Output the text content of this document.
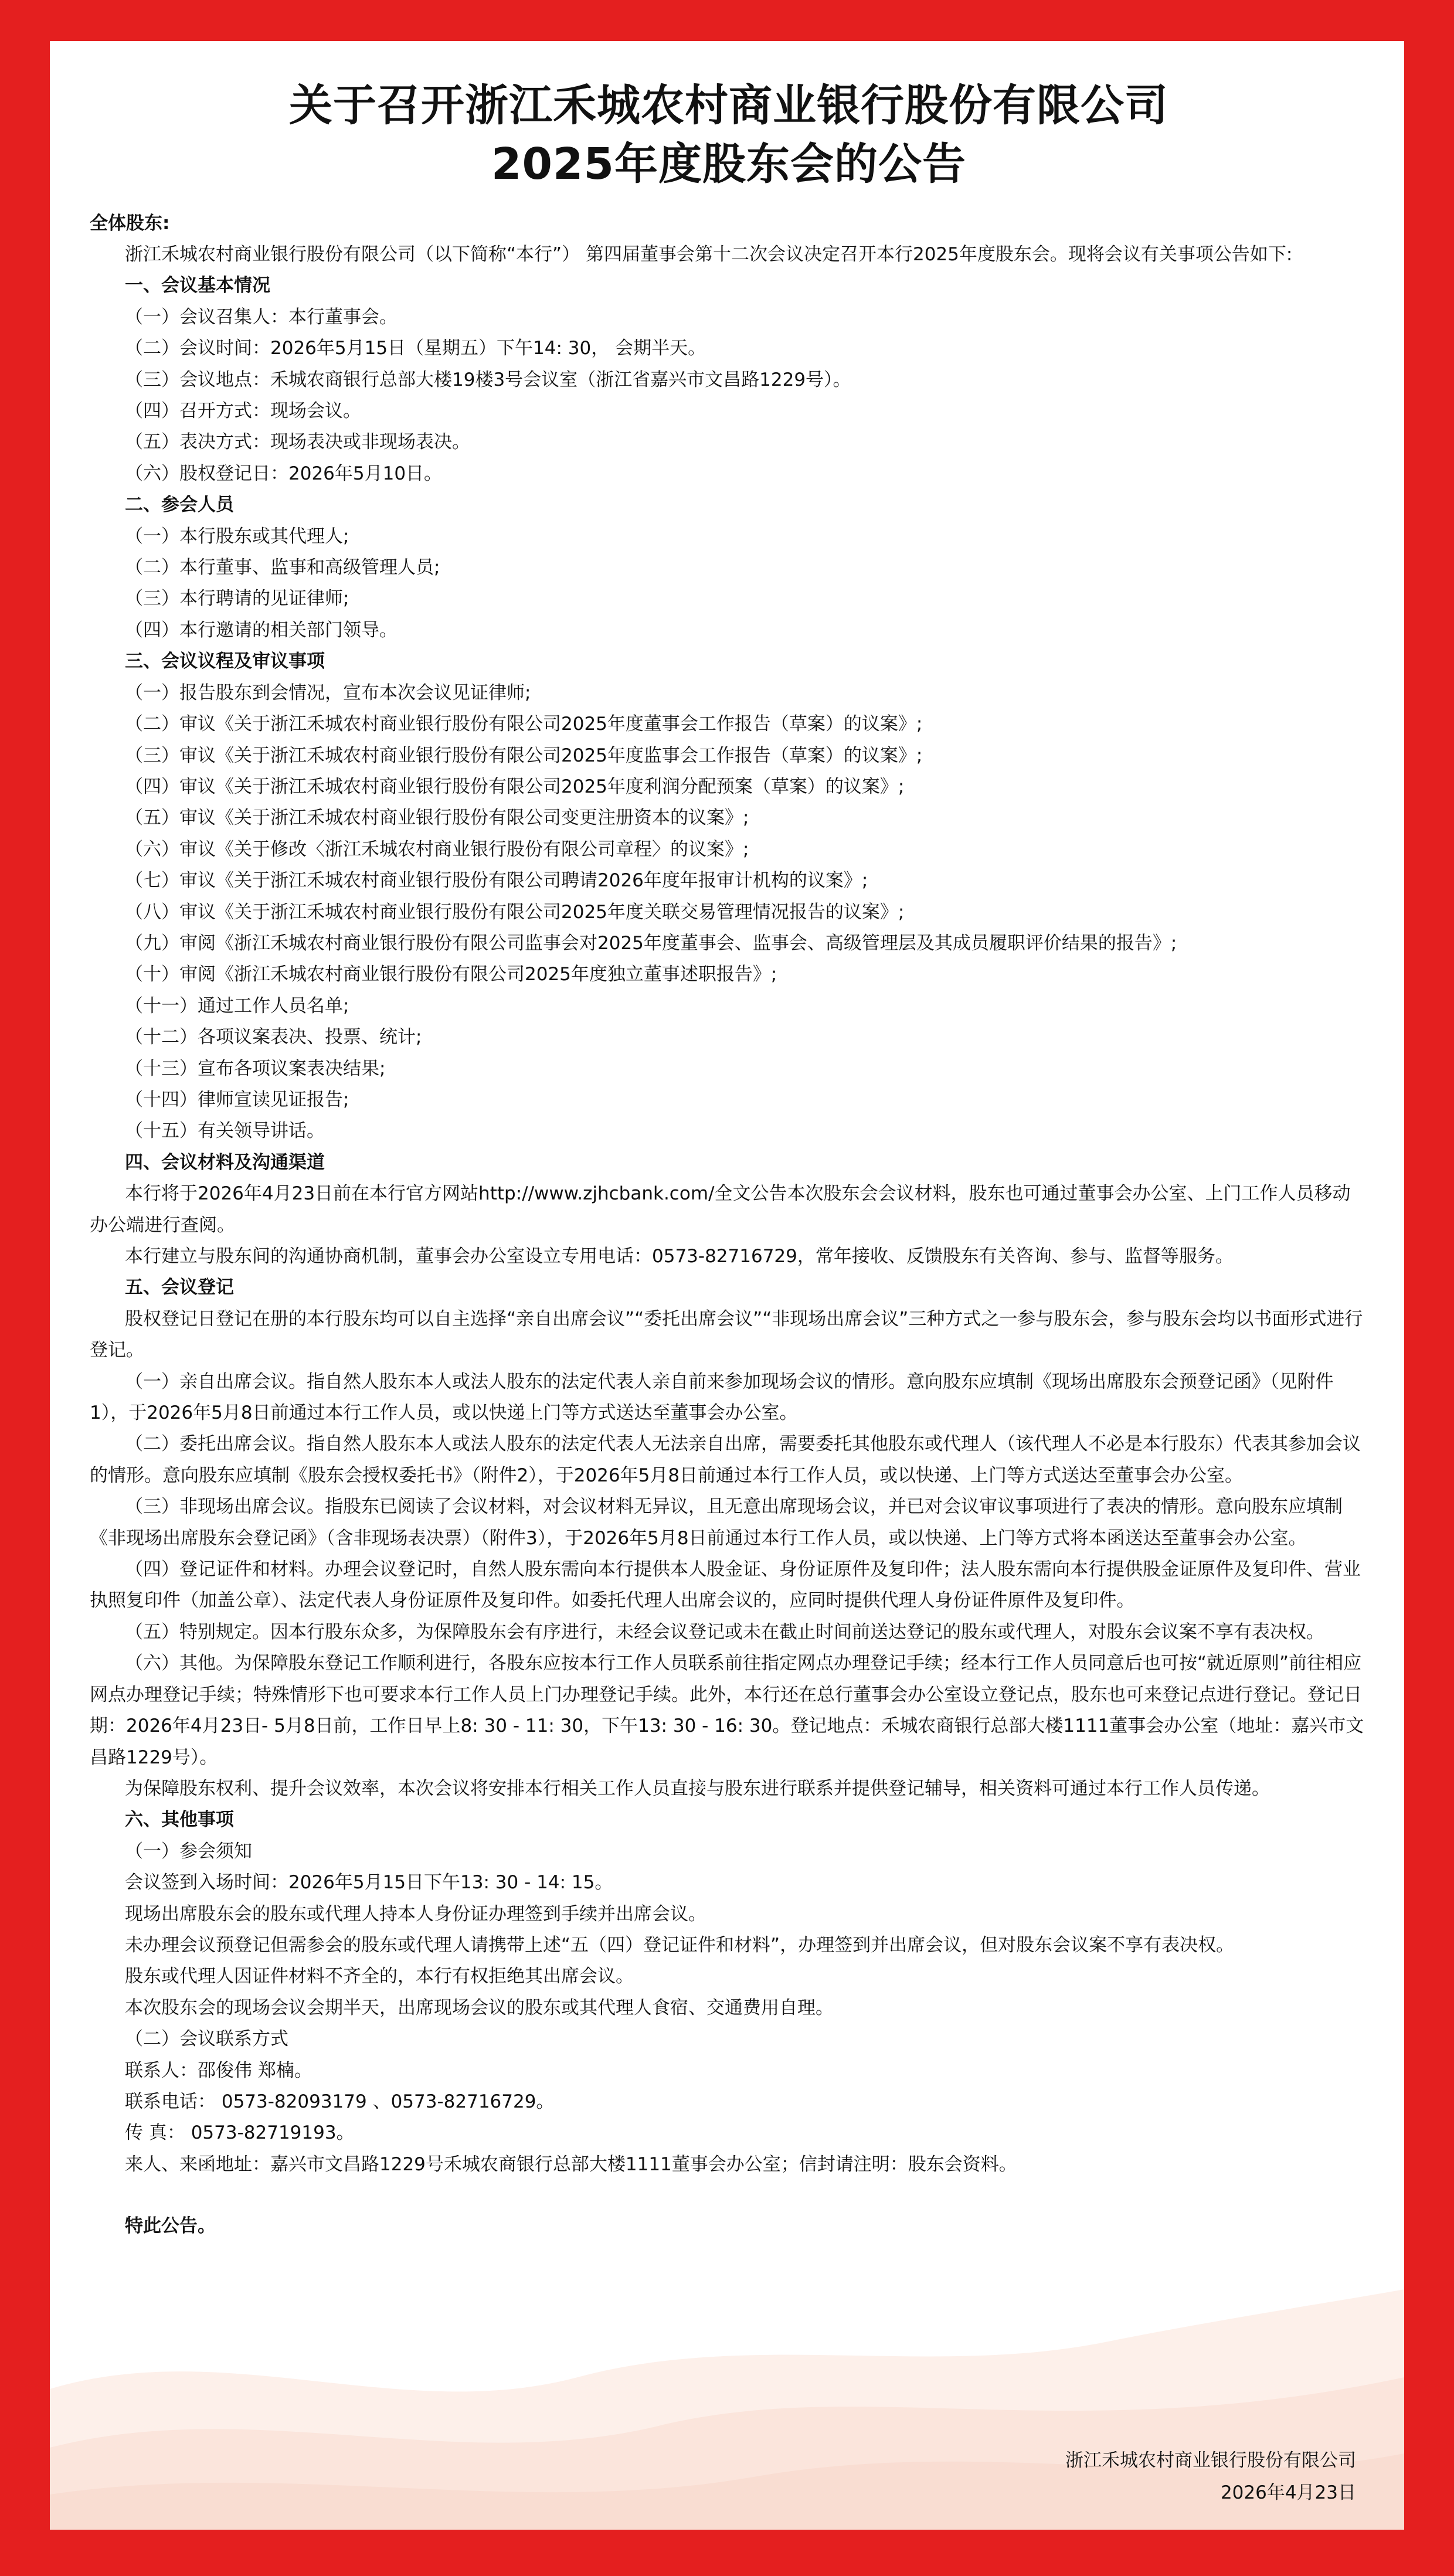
关于召开浙江禾城农村商业银行股份有限公司
2025年度股东会的公告
全体股东:
浙江禾城农村商业银行股份有限公司（以下简称“本行”） 第四届董事会第十二次会议决定召开本行2025年度股东会。现将会议有关事项公告如下:
一、会议基本情况
（一）会议召集人：本行董事会。
（二）会议时间：2026年5月15日（星期五）下午14: 30， 会期半天。
（三）会议地点：禾城农商银行总部大楼19楼3号会议室（浙江省嘉兴市文昌路1229号）。
（四）召开方式：现场会议。
（五）表决方式：现场表决或非现场表决。
（六）股权登记日：2026年5月10日。
二、参会人员
（一）本行股东或其代理人;
（二）本行董事、监事和高级管理人员;
（三）本行聘请的见证律师;
（四）本行邀请的相关部门领导。
三、会议议程及审议事项
（一）报告股东到会情况，宣布本次会议见证律师;
（二）审议《关于浙江禾城农村商业银行股份有限公司2025年度董事会工作报告（草案）的议案》;
（三）审议《关于浙江禾城农村商业银行股份有限公司2025年度监事会工作报告（草案）的议案》;
（四）审议《关于浙江禾城农村商业银行股份有限公司2025年度利润分配预案（草案）的议案》;
（五）审议《关于浙江禾城农村商业银行股份有限公司变更注册资本的议案》;
（六）审议《关于修改〈浙江禾城农村商业银行股份有限公司章程〉的议案》;
（七）审议《关于浙江禾城农村商业银行股份有限公司聘请2026年度年报审计机构的议案》;
（八）审议《关于浙江禾城农村商业银行股份有限公司2025年度关联交易管理情况报告的议案》;
（九）审阅《浙江禾城农村商业银行股份有限公司监事会对2025年度董事会、监事会、高级管理层及其成员履职评价结果的报告》;
（十）审阅《浙江禾城农村商业银行股份有限公司2025年度独立董事述职报告》;
（十一）通过工作人员名单;
（十二）各项议案表决、投票、统计;
（十三）宣布各项议案表决结果;
（十四）律师宣读见证报告;
（十五）有关领导讲话。
四、会议材料及沟通渠道
本行将于2026年4月23日前在本行官方网站http://www.zjhcbank.com/全文公告本次股东会会议材料，股东也可通过董事会办公室、上门工作人员移动办公端进行查阅。
本行建立与股东间的沟通协商机制，董事会办公室设立专用电话：0573-82716729，常年接收、反馈股东有关咨询、参与、监督等服务。
五、会议登记
股权登记日登记在册的本行股东均可以自主选择“亲自出席会议”“委托出席会议”“非现场出席会议”三种方式之一参与股东会，参与股东会均以书面形式进行登记。
（一）亲自出席会议。指自然人股东本人或法人股东的法定代表人亲自前来参加现场会议的情形。意向股东应填制《现场出席股东会预登记函》（见附件1），于2026年5月8日前通过本行工作人员，或以快递上门等方式送达至董事会办公室。
（二）委托出席会议。指自然人股东本人或法人股东的法定代表人无法亲自出席，需要委托其他股东或代理人（该代理人不必是本行股东）代表其参加会议的情形。意向股东应填制《股东会授权委托书》（附件2），于2026年5月8日前通过本行工作人员，或以快递、上门等方式送达至董事会办公室。
（三）非现场出席会议。指股东已阅读了会议材料，对会议材料无异议，且无意出席现场会议，并已对会议审议事项进行了表决的情形。意向股东应填制《非现场出席股东会登记函》（含非现场表决票）（附件3），于2026年5月8日前通过本行工作人员，或以快递、上门等方式将本函送达至董事会办公室。
（四）登记证件和材料。办理会议登记时，自然人股东需向本行提供本人股金证、身份证原件及复印件；法人股东需向本行提供股金证原件及复印件、营业执照复印件（加盖公章）、法定代表人身份证原件及复印件。如委托代理人出席会议的，应同时提供代理人身份证件原件及复印件。
（五）特别规定。因本行股东众多，为保障股东会有序进行，未经会议登记或未在截止时间前送达登记的股东或代理人，对股东会议案不享有表决权。
（六）其他。为保障股东登记工作顺利进行，各股东应按本行工作人员联系前往指定网点办理登记手续；经本行工作人员同意后也可按“就近原则”前往相应网点办理登记手续；特殊情形下也可要求本行工作人员上门办理登记手续。此外，本行还在总行董事会办公室设立登记点，股东也可来登记点进行登记。登记日期：2026年4月23日- 5月8日前，工作日早上8: 30 - 11: 30，下午13: 30 - 16: 30。登记地点：禾城农商银行总部大楼1111董事会办公室（地址：嘉兴市文昌路1229号）。
为保障股东权利、提升会议效率，本次会议将安排本行相关工作人员直接与股东进行联系并提供登记辅导，相关资料可通过本行工作人员传递。
六、其他事项
（一）参会须知
会议签到入场时间：2026年5月15日下午13: 30 - 14: 15。
现场出席股东会的股东或代理人持本人身份证办理签到手续并出席会议。
未办理会议预登记但需参会的股东或代理人请携带上述“五（四）登记证件和材料”，办理签到并出席会议，但对股东会议案不享有表决权。
股东或代理人因证件材料不齐全的，本行有权拒绝其出席会议。
本次股东会的现场会议会期半天，出席现场会议的股东或其代理人食宿、交通费用自理。
（二）会议联系方式
联系人：邵俊伟 郑楠。
联系电话： 0573-82093179 、0573-82716729。
传 真： 0573-82719193。
来人、来函地址：嘉兴市文昌路1229号禾城农商银行总部大楼1111董事会办公室；信封请注明：股东会资料。
特此公告。
浙江禾城农村商业银行股份有限公司
2026年4月23日
